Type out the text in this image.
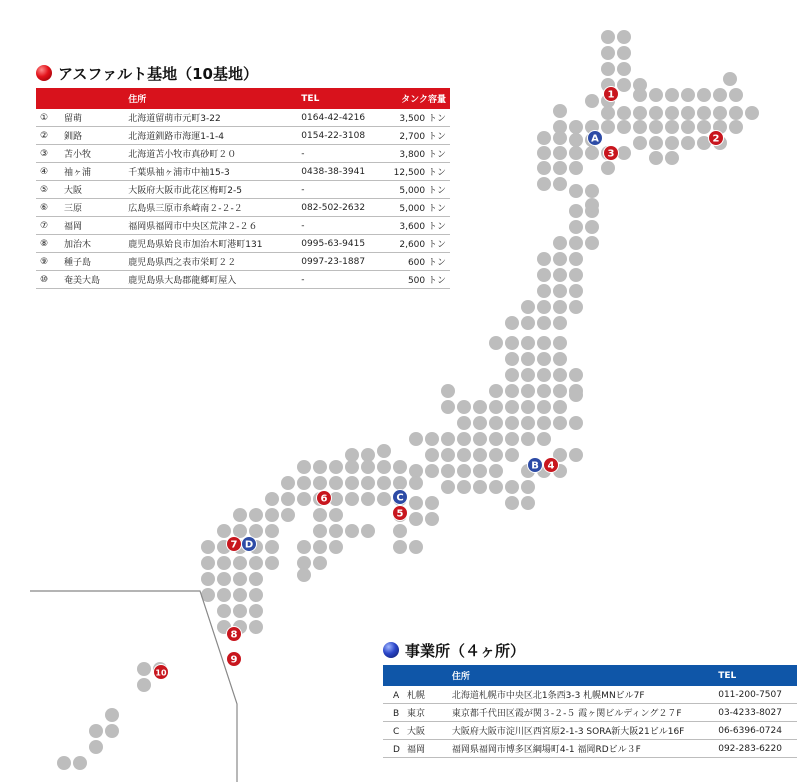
1
2
3
4
5
6
7
8
9
10
A
B
C
D
アスファルト基地（10基地）
		住所	TEL	タンク容量
①	留萌	北海道留萌市元町3-22	0164-42-4216	3,500 トン
②	釧路	北海道釧路市海運1-1-4	0154-22-3108	2,700 トン
③	苫小牧	北海道苫小牧市真砂町２０	-	3,800 トン
④	袖ヶ浦	千葉県袖ヶ浦市中袖15-3	0438-38-3941	12,500 トン
⑤	大阪	大阪府大阪市此花区梅町2-5	-	5,000 トン
⑥	三原	広島県三原市糸崎南２-２-２	082-502-2632	5,000 トン
⑦	福岡	福岡県福岡市中央区荒津２-２６	-	3,600 トン
⑧	加治木	鹿児島県姶良市加治木町港町131	0995-63-9415	2,600 トン
⑨	種子島	鹿児島県西之表市栄町２２	0997-23-1887	600 トン
⑩	奄美大島	鹿児島県大島郡龍郷町屋入	-	500 トン
事業所（４ヶ所）
	住所	TEL
A 札幌	北海道札幌市中央区北1条西3-3 札幌MNビル7F	011-200-7507
B 東京	東京都千代田区霞が関３-２-５ 霞ヶ関ビルディング２７F	03-4233-8027
C 大阪	大阪府大阪市淀川区西宮原2-1-3 SORA新大阪21ビル16F	06-6396-0724
D 福岡	福岡県福岡市博多区綱場町4-1 福岡RDビル３F	092-283-6220
